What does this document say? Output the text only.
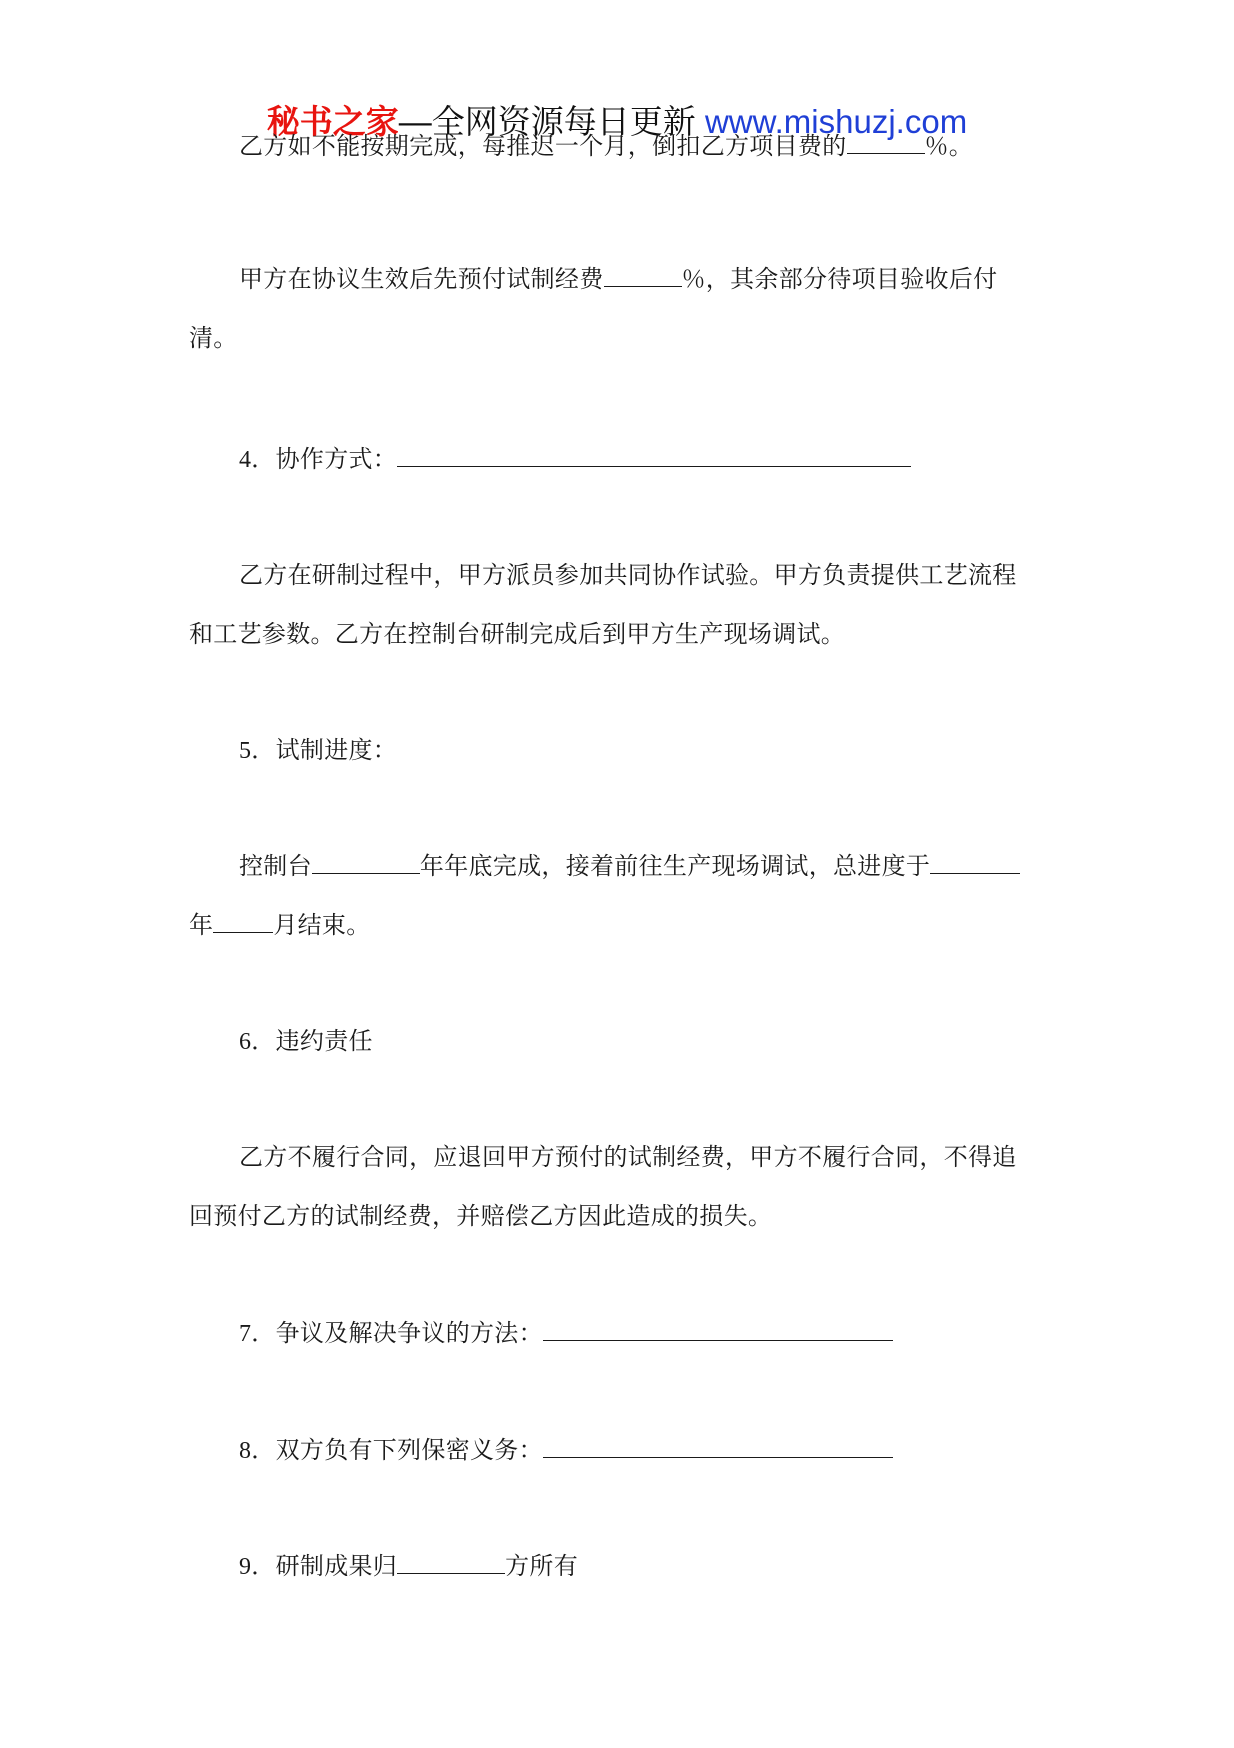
秘书之家—全网资源每日更新 www.mishuzj.com
乙方如不能按期完成，每推迟一个月，倒扣乙方项目费的	％。
甲方在协议生效后先预付试制经费	％，其余部分待项目验收后付
清。
4．协作方式：
乙方在研制过程中，甲方派员参加共同协作试验。甲方负责提供工艺流程
和工艺参数。乙方在控制台研制完成后到甲方生产现场调试。
5．试制进度：
控制台	年年底完成，接着前往生产现场调试，总进度于
年	月结束。
6．违约责任
乙方不履行合同，应退回甲方预付的试制经费，甲方不履行合同，不得追
回预付乙方的试制经费，并赔偿乙方因此造成的损失。
7．争议及解决争议的方法：
8．双方负有下列保密义务：
9．研制成果归	方所有
